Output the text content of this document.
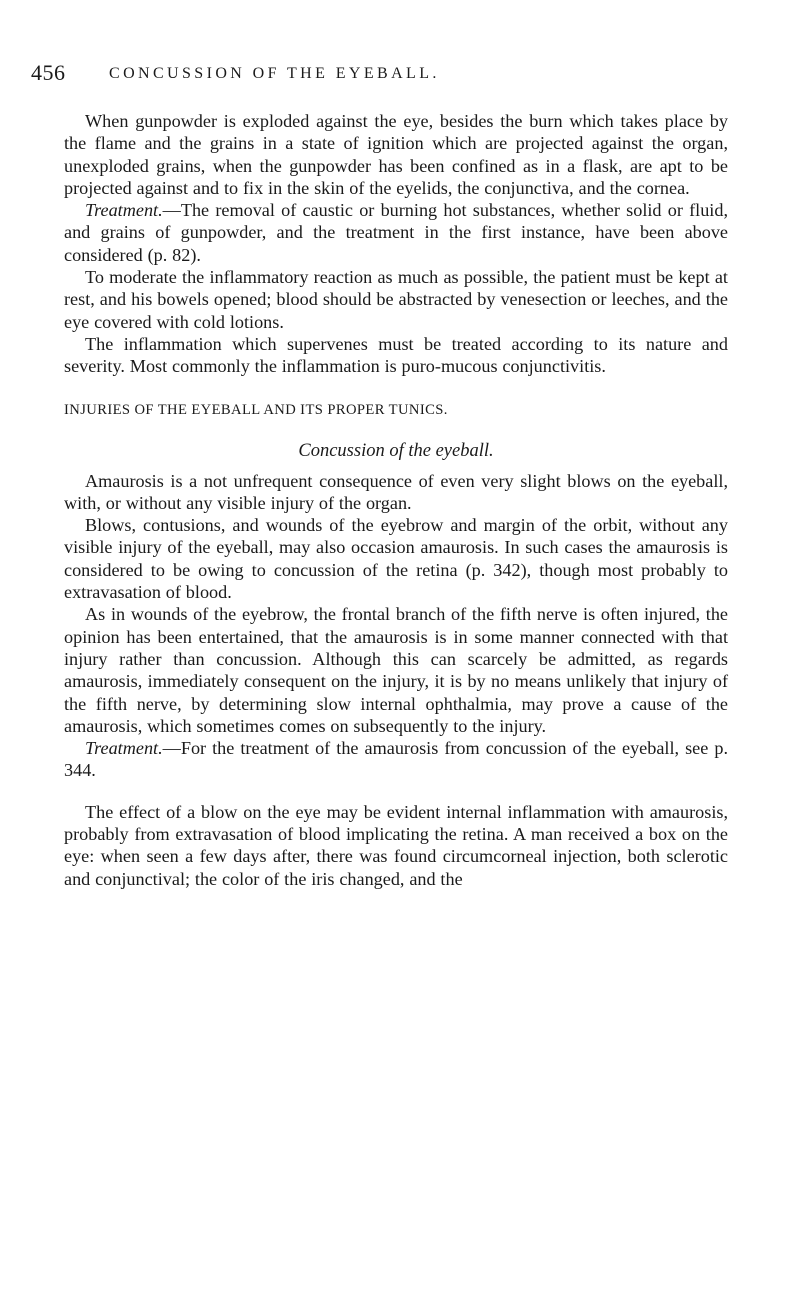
456	CONCUSSION OF THE EYEBALL.

When gunpowder is exploded against the eye, besides the burn which takes place by the flame and the grains in a state of ignition which are projected against the organ, unexploded grains, when the gunpowder has been confined as in a flask, are apt to be projected against and to fix in the skin of the eyelids, the conjunctiva, and the cornea.

Treatment.—The removal of caustic or burning hot substances, whether solid or fluid, and grains of gunpowder, and the treatment in the first instance, have been above considered (p. 82).

To moderate the inflammatory reaction as much as possible, the patient must be kept at rest, and his bowels opened; blood should be abstracted by venesection or leeches, and the eye covered with cold lotions.

The inflammation which supervenes must be treated according to its nature and severity. Most commonly the inflammation is puro-mucous conjunctivitis.

INJURIES OF THE EYEBALL AND ITS PROPER TUNICS.
Concussion of the eyeball.

Amaurosis is a not unfrequent consequence of even very slight blows on the eyeball, with, or without any visible injury of the organ.

Blows, contusions, and wounds of the eyebrow and margin of the orbit, without any visible injury of the eyeball, may also occasion amaurosis. In such cases the amaurosis is considered to be owing to concussion of the retina (p. 342), though most probably to extravasation of blood.

As in wounds of the eyebrow, the frontal branch of the fifth nerve is often injured, the opinion has been entertained, that the amaurosis is in some manner connected with that injury rather than concussion. Although this can scarcely be admitted, as regards amaurosis, immediately consequent on the injury, it is by no means unlikely that injury of the fifth nerve, by determining slow internal ophthalmia, may prove a cause of the amaurosis, which sometimes comes on subsequently to the injury.

Treatment.—For the treatment of the amaurosis from concussion of the eyeball, see p. 344.

The effect of a blow on the eye may be evident internal inflammation with amaurosis, probably from extravasation of blood implicating the retina. A man received a box on the eye: when seen a few days after, there was found circumcorneal injection, both sclerotic and conjunctival; the color of the iris changed, and the
